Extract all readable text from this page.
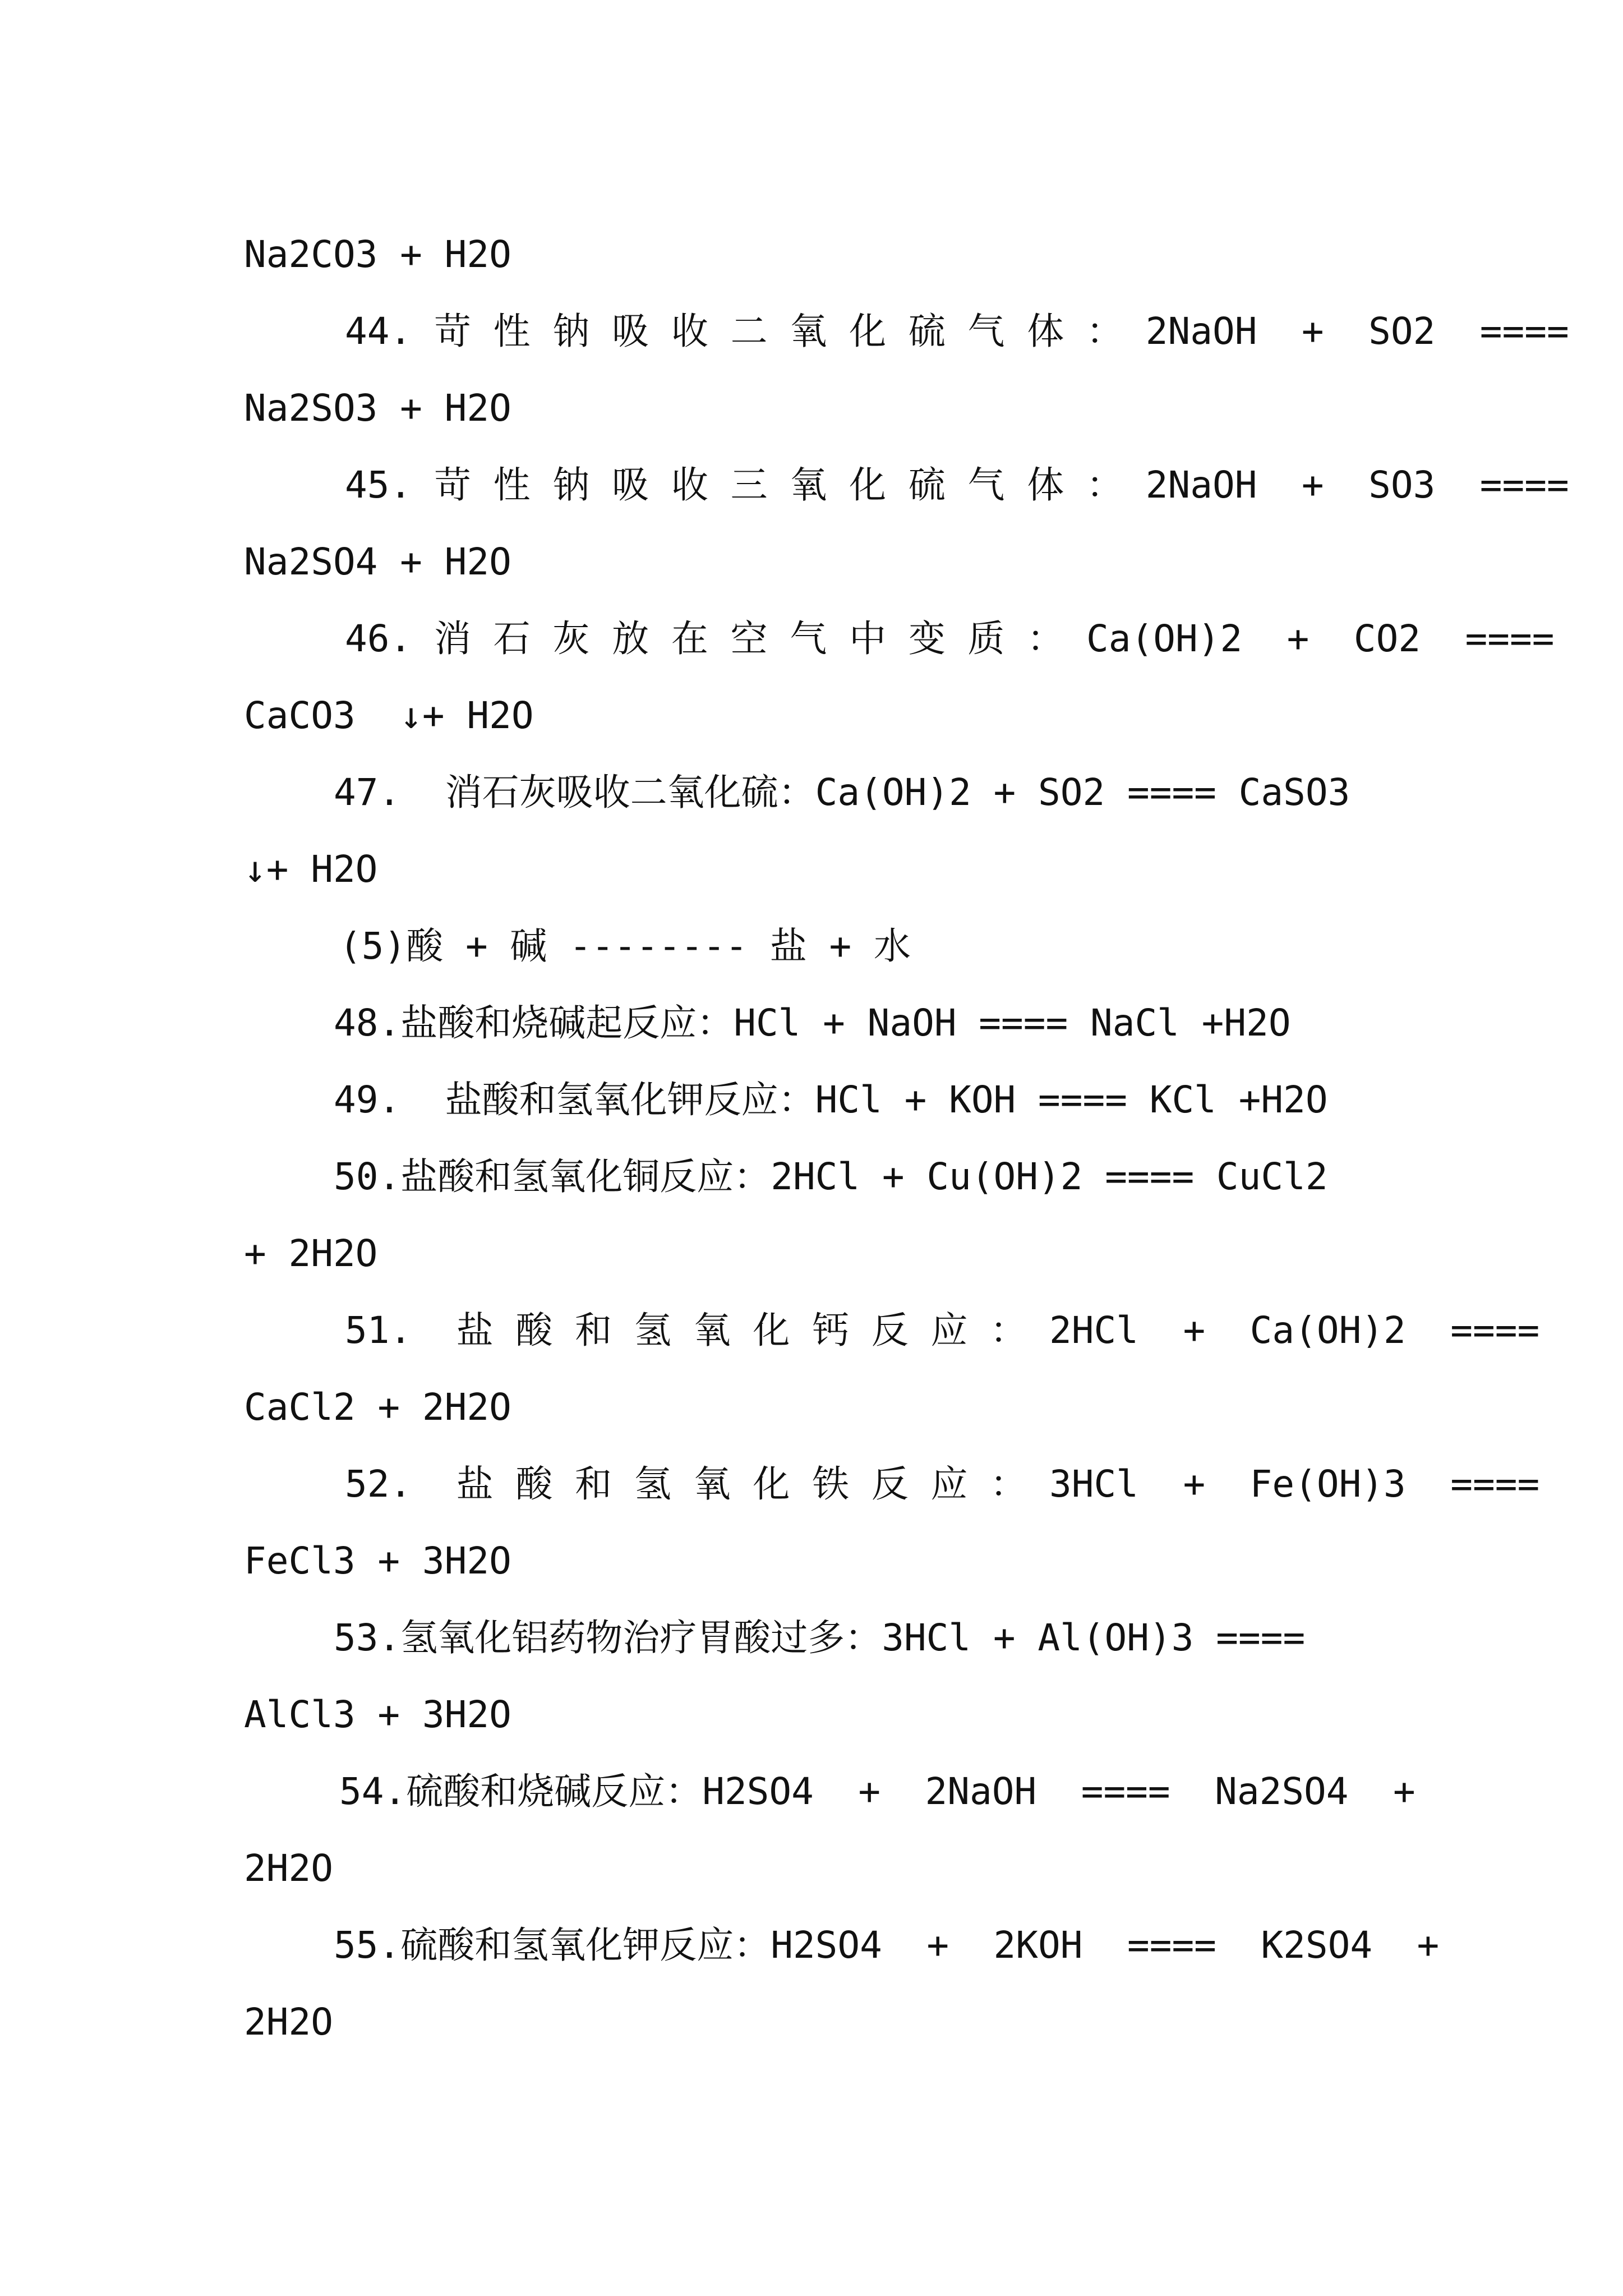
Na2CO3 + H2O
44. 苛 性 钠 吸 收 二 氧 化 硫 气 体 ： 2NaOH  +  SO2  ====
Na2SO3 + H2O
45. 苛 性 钠 吸 收 三 氧 化 硫 气 体 ： 2NaOH  +  SO3  ====
Na2SO4 + H2O
46. 消 石 灰 放 在 空 气 中 变 质 ： Ca(OH)2  +  CO2  ====
CaCO3  ↓+ H2O
47.  消石灰吸收二氧化硫：Ca(OH)2 + SO2 ==== CaSO3
↓+ H2O
(5)酸 + 碱 -------- 盐 + 水
48.盐酸和烧碱起反应：HCl + NaOH ==== NaCl +H2O
49.  盐酸和氢氧化钾反应：HCl + KOH ==== KCl +H2O
50.盐酸和氢氧化铜反应：2HCl + Cu(OH)2 ==== CuCl2
+ 2H2O
51.  盐 酸 和 氢 氧 化 钙 反 应 ： 2HCl  +  Ca(OH)2  ====
CaCl2 + 2H2O
52.  盐 酸 和 氢 氧 化 铁 反 应 ： 3HCl  +  Fe(OH)3  ====
FeCl3 + 3H2O
53.氢氧化铝药物治疗胃酸过多：3HCl + Al(OH)3 ====
AlCl3 + 3H2O
54.硫酸和烧碱反应：H2SO4  +  2NaOH  ====  Na2SO4  +
2H2O
55.硫酸和氢氧化钾反应：H2SO4  +  2KOH  ====  K2SO4  +
2H2O
